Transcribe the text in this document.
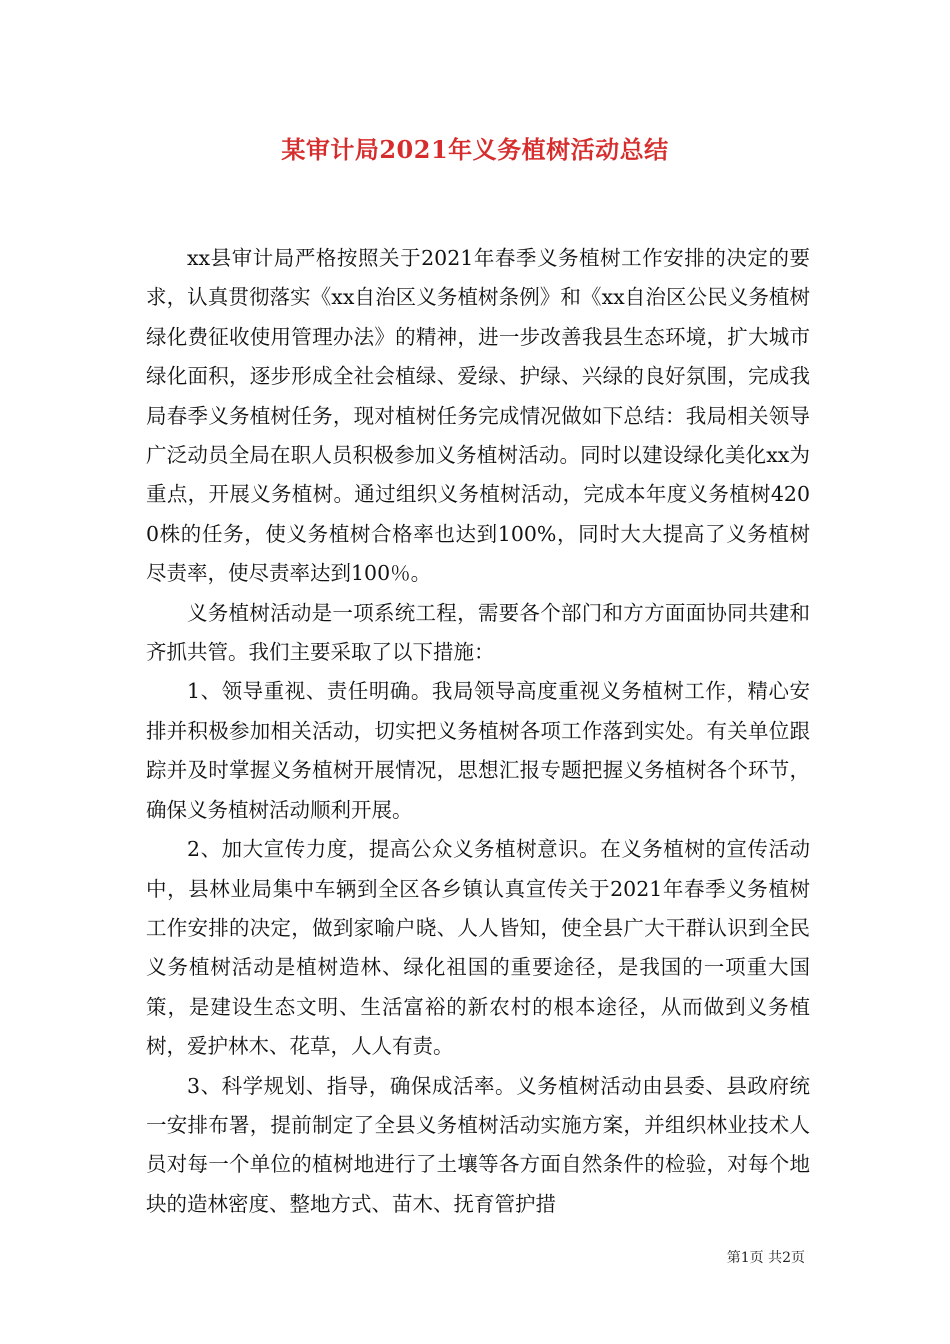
某审计局2021年义务植树活动总结

xx县审计局严格按照关于2021年春季义务植树工作安排的决定的要求，认真贯彻落实《xx自治区义务植树条例》和《xx自治区公民义务植树绿化费征收使用管理办法》的精神，进一步改善我县生态环境，扩大城市绿化面积，逐步形成全社会植绿、爱绿、护绿、兴绿的良好氛围，完成我局春季义务植树任务，现对植树任务完成情况做如下总结：我局相关领导广泛动员全局在职人员积极参加义务植树活动。同时以建设绿化美化xx为重点，开展义务植树。通过组织义务植树活动，完成本年度义务植树4200株的任务，使义务植树合格率也达到100%，同时大大提高了义务植树尽责率，使尽责率达到100％。

义务植树活动是一项系统工程，需要各个部门和方方面面协同共建和齐抓共管。我们主要采取了以下措施：

1、领导重视、责任明确。我局领导高度重视义务植树工作，精心安排并积极参加相关活动，切实把义务植树各项工作落到实处。有关单位跟踪并及时掌握义务植树开展情况，思想汇报专题把握义务植树各个环节，确保义务植树活动顺利开展。

2、加大宣传力度，提高公众义务植树意识。在义务植树的宣传活动中，县林业局集中车辆到全区各乡镇认真宣传关于2021年春季义务植树工作安排的决定，做到家喻户晓、人人皆知，使全县广大干群认识到全民义务植树活动是植树造林、绿化祖国的重要途径，是我国的一项重大国策，是建设生态文明、生活富裕的新农村的根本途径，从而做到义务植树，爱护林木、花草，人人有责。

3、科学规划、指导，确保成活率。义务植树活动由县委、县政府统一安排布署，提前制定了全县义务植树活动实施方案，并组织林业技术人员对每一个单位的植树地进行了土壤等各方面自然条件的检验，对每个地块的造林密度、整地方式、苗木、抚育管护措

第1页 共2页
